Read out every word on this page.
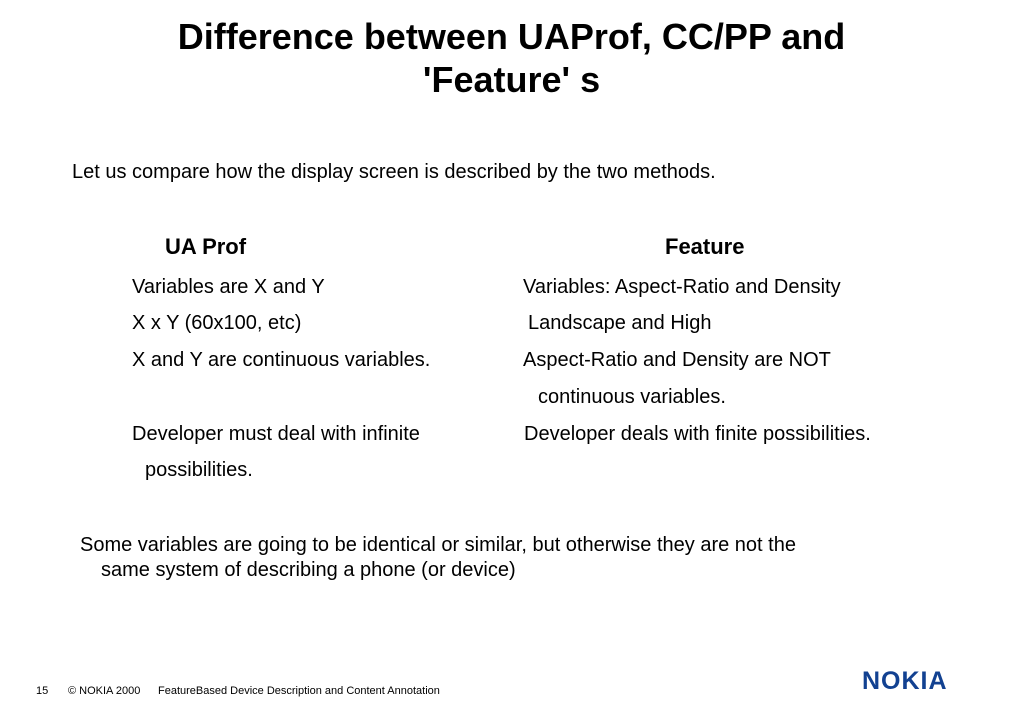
Difference between UAProf, CC/PP and
'Feature' s
Let us compare how the display screen is described by the two methods.
UA Prof
Variables are X and Y
X x Y (60x100, etc)
X and Y are continuous variables.
Developer must deal with infinite
possibilities.
Feature
Variables: Aspect-Ratio and Density
Landscape and High
Aspect-Ratio and Density are NOT
continuous variables.
Developer deals with finite possibilities.
Some variables are going to be identical or similar, but otherwise they are not the
same system of describing a phone (or device)
15 © NOKIA 2000 FeatureBased Device Description and Content Annotation	NOKIA
